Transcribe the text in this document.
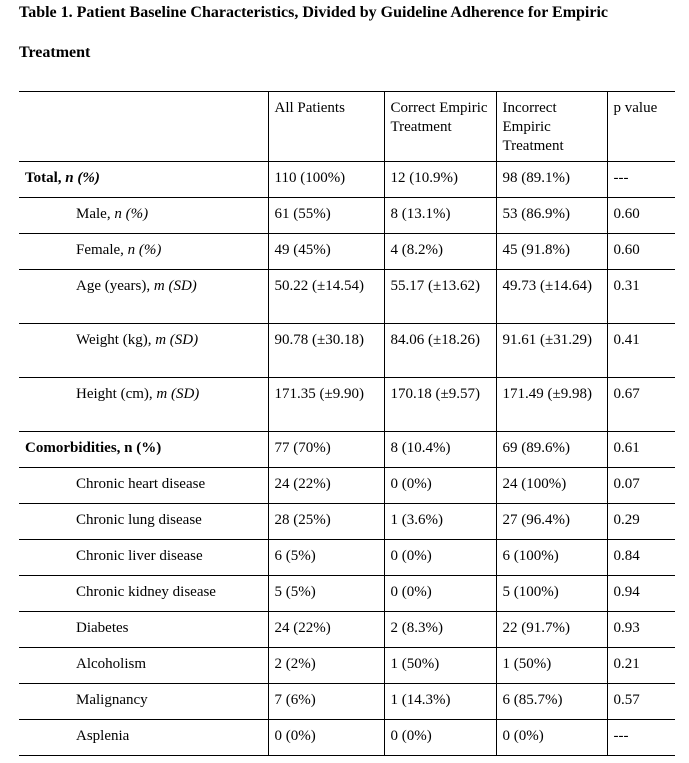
Table 1. Patient Baseline Characteristics, Divided by Guideline Adherence for Empiric
Treatment
	All Patients	Correct Empiric Treatment	Incorrect Empiric Treatment	p value
Total, n (%)	110 (100%)	12 (10.9%)	98 (89.1%)	---
Male, n (%)	61 (55%)	8 (13.1%)	53 (86.9%)	0.60
Female, n (%)	49 (45%)	4 (8.2%)	45 (91.8%)	0.60
Age (years), m (SD)	50.22 (±14.54)	55.17 (±13.62)	49.73 (±14.64)	0.31
Weight (kg), m (SD)	90.78 (±30.18)	84.06 (±18.26)	91.61 (±31.29)	0.41
Height (cm), m (SD)	171.35 (±9.90)	170.18 (±9.57)	171.49 (±9.98)	0.67
Comorbidities, n (%)	77 (70%)	8 (10.4%)	69 (89.6%)	0.61
Chronic heart disease	24 (22%)	0 (0%)	24 (100%)	0.07
Chronic lung disease	28 (25%)	1 (3.6%)	27 (96.4%)	0.29
Chronic liver disease	6 (5%)	0 (0%)	6 (100%)	0.84
Chronic kidney disease	5 (5%)	0 (0%)	5 (100%)	0.94
Diabetes	24 (22%)	2 (8.3%)	22 (91.7%)	0.93
Alcoholism	2 (2%)	1 (50%)	1 (50%)	0.21
Malignancy	7 (6%)	1 (14.3%)	6 (85.7%)	0.57
Asplenia	0 (0%)	0 (0%)	0 (0%)	---
